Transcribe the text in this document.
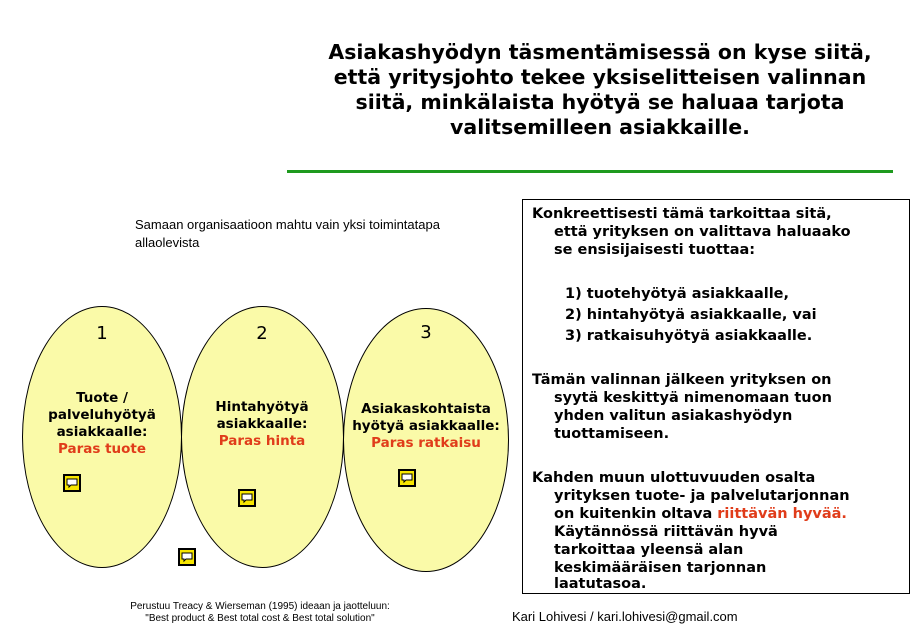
Asiakashyödyn täsmentämisessä on kyse siitä,
että yritysjohto tekee yksiselitteisen valinnan
siitä, minkälaista hyötyä se haluaa tarjota
valitsemilleen asiakkaille.
Samaan organisaatioon mahtu vain yksi toimintatapa
allaolevista
1
Tuote /
palveluhyötyä
asiakkaalle:
Paras tuote
2
Hintahyötyä
asiakkaalle:
Paras hinta
3
Asiakaskohtaista
hyötyä asiakkaalle:
Paras ratkaisu
Konkreettisesti tämä tarkoittaa sitä,
että yrityksen on valittava haluaako
se ensisijaisesti tuottaa:
1) tuotehyötyä asiakkaalle,
2) hintahyötyä asiakkaalle, vai
3) ratkaisuhyötyä asiakkaalle.
Tämän valinnan jälkeen yrityksen on
syytä keskittyä nimenomaan tuon
yhden valitun asiakashyödyn
tuottamiseen.
Kahden muun ulottuvuuden osalta
yrityksen tuote- ja palvelutarjonnan
on kuitenkin oltava riittävän hyvää.
Käytännössä riittävän hyvä
tarkoittaa yleensä alan
keskimääräisen tarjonnan
laatutasoa.
Perustuu Treacy & Wierseman (1995) ideaan ja jaotteluun:
"Best product & Best total cost & Best total solution"	Kari Lohivesi / kari.lohivesi@gmail.com
